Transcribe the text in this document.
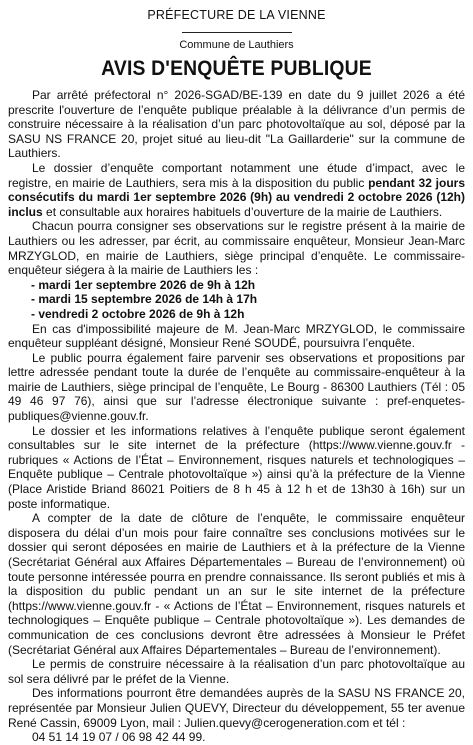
PRÉFECTURE DE LA VIENNE
Commune de Lauthiers
AVIS D'ENQUÊTE PUBLIQUE

Par arrêté préfectoral n° 2026-SGAD/BE-139 en date du 9 juillet 2026 a été prescrite l'ouverture de l’enquête publique préalable à la délivrance d’un permis de construire nécessaire à la réalisation d’un parc photovoltaïque au sol, déposé par la SASU NS FRANCE 20, projet situé au lieu-dit "La Gaillarderie" sur la commune de Lauthiers.

Le dossier d’enquête comportant notamment une étude d’impact, avec le registre, en mairie de Lauthiers, sera mis à la disposition du public pendant 32 jours consécutifs du mardi 1er septembre 2026 (9h) au vendredi 2 octobre 2026 (12h) inclus et consultable aux horaires habituels d’ouverture de la mairie de Lauthiers.

Chacun pourra consigner ses observations sur le registre présent à la mairie de Lauthiers ou les adresser, par écrit, au commissaire enquêteur, Monsieur Jean-Marc MRZYGLOD, en mairie de Lauthiers, siège principal d’enquête. Le commissaire-enquêteur siégera à la mairie de Lauthiers les :

- mardi 1er septembre 2026 de 9h à 12h

- mardi 15 septembre 2026 de 14h à 17h

- vendredi 2 octobre 2026 de 9h à 12h

En cas d'impossibilité majeure de M. Jean-Marc MRZYGLOD, le commissaire enquêteur suppléant désigné, Monsieur René SOUDÉ, poursuivra l’enquête.

Le public pourra également faire parvenir ses observations et propositions par lettre adressée pendant toute la durée de l’enquête au commissaire-enquêteur à la mairie de Lauthiers, siège principal de l’enquête, Le Bourg - 86300 Lauthiers (Tél : 05 49 46 97 76), ainsi que sur l’adresse électronique suivante : pref-enquetes-publiques@vienne.gouv.fr.

Le dossier et les informations relatives à l’enquête publique seront également consultables sur le site internet de la préfecture (https://www.vienne.gouv.fr - rubriques « Actions de l’État – Environnement, risques naturels et technologiques – Enquête publique – Centrale photovoltaïque ») ainsi qu’à la préfecture de la Vienne (Place Aristide Briand 86021 Poitiers de 8 h 45 à 12 h et de 13h30 à 16h) sur un poste informatique.

A compter de la date de clôture de l’enquête, le commissaire enquêteur disposera du délai d’un mois pour faire connaître ses conclusions motivées sur le dossier qui seront déposées en mairie de Lauthiers et à la préfecture de la Vienne (Secrétariat Général aux Affaires Départementales – Bureau de l’environnement) où toute personne intéressée pourra en prendre connaissance. Ils seront publiés et mis à la disposition du public pendant un an sur le site internet de la préfecture (https://www.vienne.gouv.fr - « Actions de l’État – Environnement, risques naturels et technologiques – Enquête publique – Centrale photovoltaïque »). Les demandes de communication de ces conclusions devront être adressées à Monsieur le Préfet (Secrétariat Général aux Affaires Départementales – Bureau de l’environnement).

Le permis de construire nécessaire à la réalisation d’un parc photovoltaïque au sol sera délivré par le préfet de la Vienne.

Des informations pourront être demandées auprès de la SASU NS FRANCE 20, représentée par Monsieur Julien QUEVY, Directeur du développement, 55 ter avenue René Cassin, 69009 Lyon, mail : Julien.quevy@cerogeneration.com et tél :

04 51 14 19 07 / 06 98 42 44 99.
